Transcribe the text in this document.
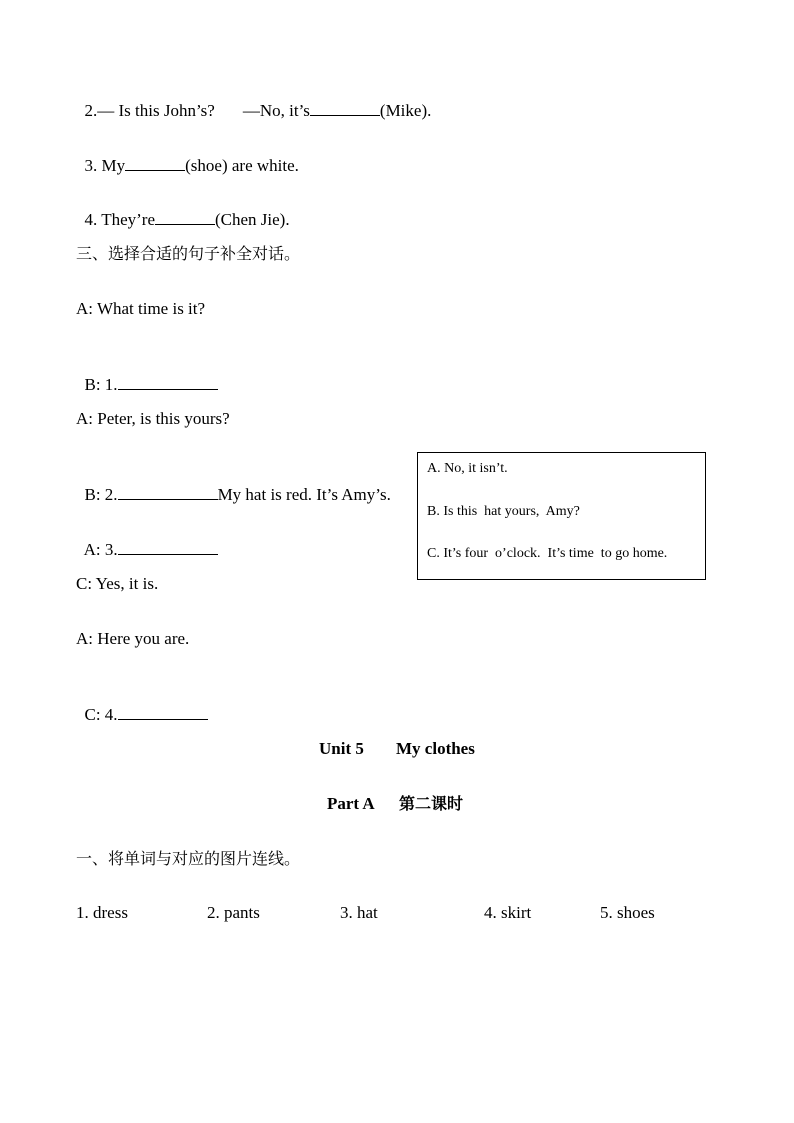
2.— Is this John’s? —No, it’s	(Mike).

3. My	(shoe) are white.

4. They’re	(Chen Jie).

三、选择合适的句子补全对话。
A: What time is it?

B: 1.

A: Peter, is this yours?

B: 2.	My hat is red. It’s Amy’s.

A: 3.

C: Yes, it is.
A: Here you are.

C: 4.

A. No, it isn’t.
B. Is this  hat yours,  Amy?
C. It’s four  o’clock.  It’s time  to go home.
Unit 5 My clothes
Part A 第二课时
一、将单词与对应的图片连线。
1. dress	2. pants	3. hat	4. skirt	5. shoes
